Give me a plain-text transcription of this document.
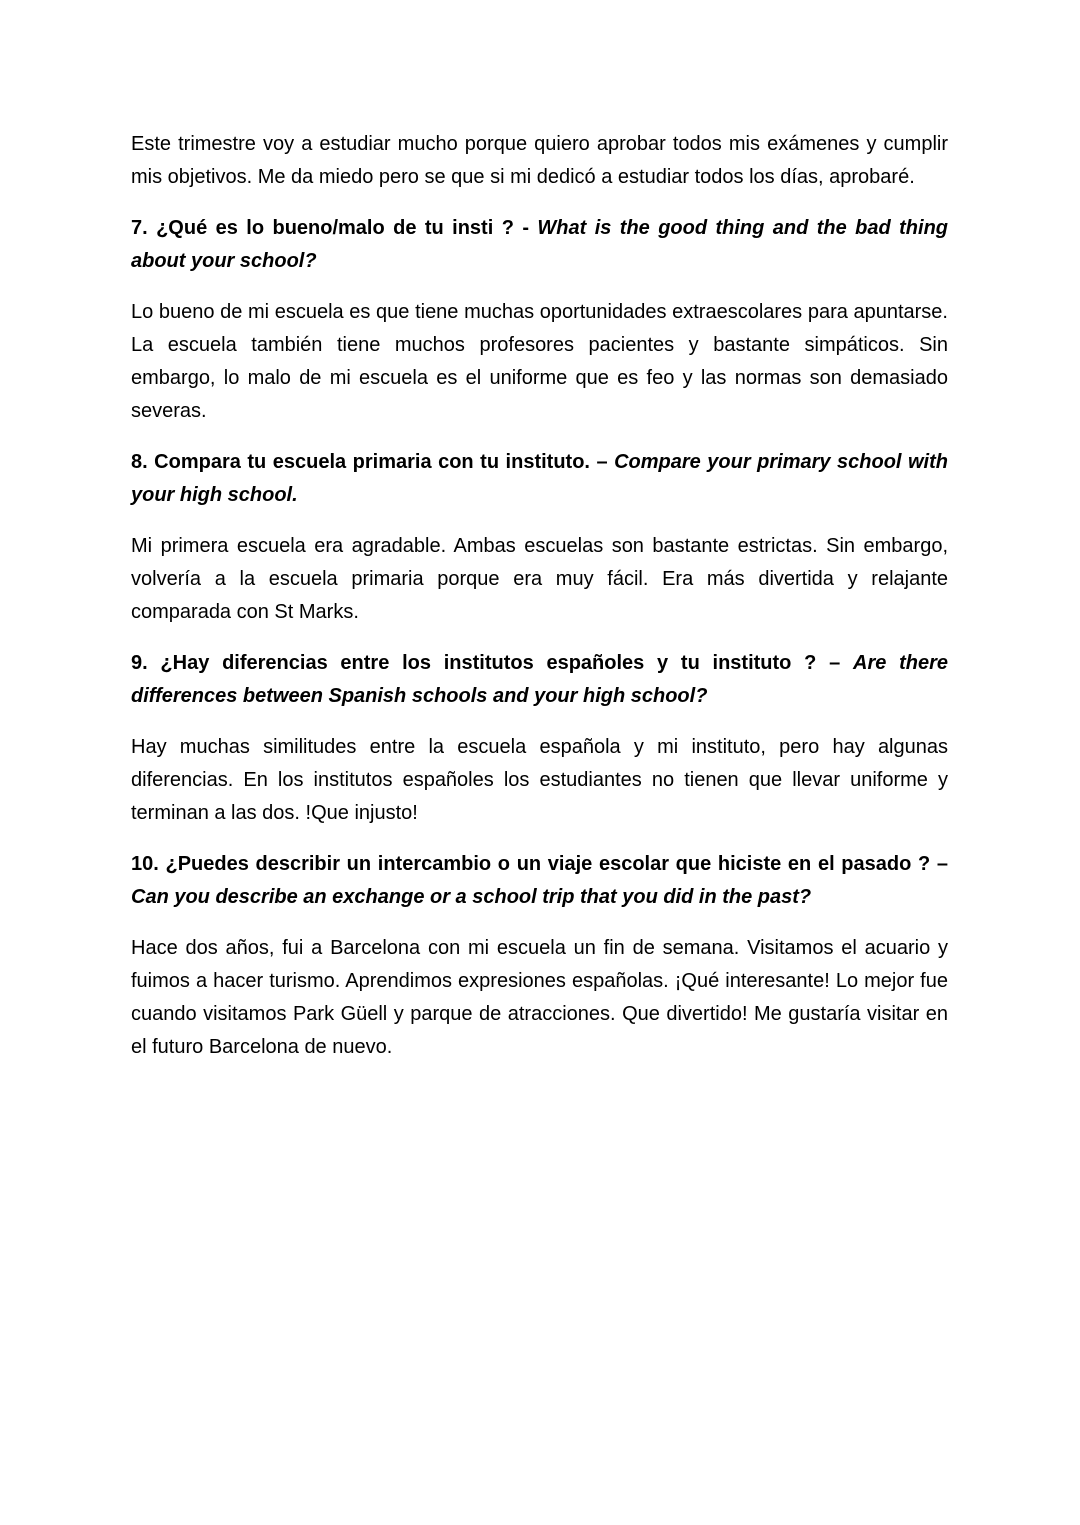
Este trimestre voy a estudiar mucho porque quiero aprobar todos mis exámenes y cumplir mis objetivos. Me da miedo pero se que si mi dedicó a estudiar todos los días, aprobaré.

7. ¿Qué es lo bueno/malo de tu insti ? - What is the good thing and the bad thing about your school?

Lo bueno de mi escuela es que tiene muchas oportunidades extraescolares para apuntarse. La escuela también tiene muchos profesores pacientes y bastante simpáticos. Sin embargo, lo malo de mi escuela es el uniforme que es feo y las normas son demasiado severas.

8. Compara tu escuela primaria con tu instituto. – Compare your primary school with your high school.

Mi primera escuela era agradable. Ambas escuelas son bastante estrictas. Sin embargo, volvería a la escuela primaria porque era muy fácil. Era más divertida y relajante comparada con St Marks.

9. ¿Hay diferencias entre los institutos españoles y tu instituto ? – Are there differences between Spanish schools and your high school?

Hay muchas similitudes entre la escuela española y mi instituto, pero hay algunas diferencias. En los institutos españoles los estudiantes no tienen que llevar uniforme y terminan a las dos. !Que injusto!

10. ¿Puedes describir un intercambio o un viaje escolar que hiciste en el pasado ? – Can you describe an exchange or a school trip that you did in the past?

Hace dos años, fui a Barcelona con mi escuela un fin de semana. Visitamos el acuario y fuimos a hacer turismo. Aprendimos expresiones españolas. ¡Qué interesante! Lo mejor fue cuando visitamos Park Güell y parque de atracciones. Que divertido! Me gustaría visitar en el futuro Barcelona de nuevo.
